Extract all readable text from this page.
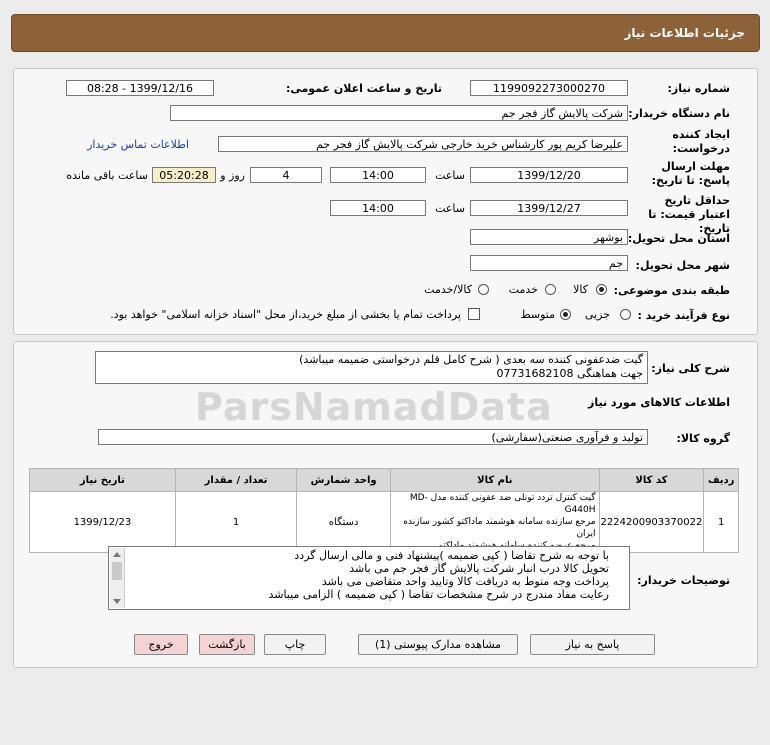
جزئیات اطلاعات نیاز
شماره نیاز:
1199092273000270
تاریخ و ساعت اعلان عمومی:
1399/12/16 - 08:28
نام دستگاه خریدار:
شرکت پالایش گاز فجر جم
ایجاد کننده درخواست:
علیرضا کریم پور کارشناس خرید خارجی شرکت پالایش گاز فجر جم
اطلاعات تماس خریدار
مهلت ارسال پاسخ: تا تاریخ:
1399/12/20
ساعت
14:00
4
روز و
05:20:28
ساعت باقی مانده
حداقل تاریخ اعتبار قیمت: تا تاریخ:
1399/12/27
ساعت
14:00
استان محل تحویل:
بوشهر
شهر محل تحویل:
جم
طبقه بندی موضوعی:
کالا
خدمت
کالا/خدمت
نوع فرآیند خرید :
جزیی
متوسط
پرداخت تمام یا بخشی از مبلغ خرید،از محل "اسناد خزانه اسلامی" خواهد بود.
شرح کلی نیاز:
گیت ضدعفونی کننده سه بعدی ( شرح کامل قلم درخواستی ضمیمه میباشد)
جهت هماهنگی 07731682108
ParsNamadData	اطلاعات کالاهای مورد نیاز
گروه کالا:
تولید و فرآوری صنعتی(سفارشی)
ردیف	کد کالا	نام کالا	واحد شمارش	تعداد / مقدار	تاریخ نیاز
1	2224200903370022	گیت کنترل تردد تونلی ضد عفونی کننده مدل MD-G440H
مرجع سازنده سامانه هوشمند ماداکتو کشور سازنده ایران	دستگاه	1	1399/12/23
توضیحات خریدار:
با توجه به شرح تقاضا ( کپی ضمیمه )پیشنهاد فنی و مالی ارسال گردد
تحویل کالا درب انبار شرکت پالایش گاز فجر جم می باشد
پرداخت وجه منوط به دریافت کالا وتایید واحد متقاضی می باشد
رعایت مفاد مندرج در شرح مشخصات تقاضا ( کپی ضمیمه ) الزامی میباشد
پاسخ به نیاز
مشاهده مدارک پیوستی (1)
چاپ
بازگشت
خروج
